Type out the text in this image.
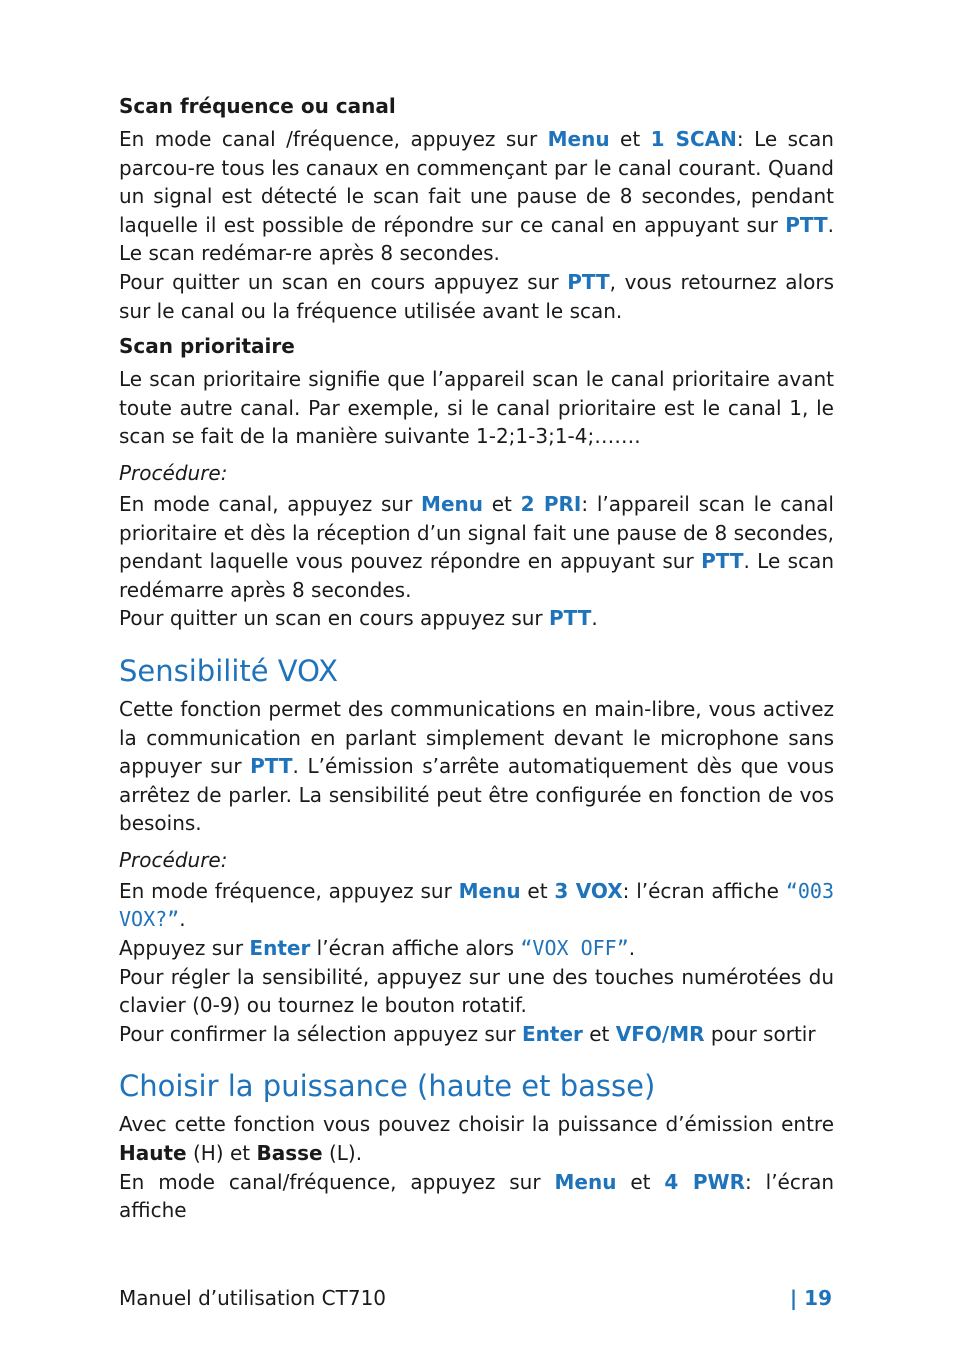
Scan fréquence ou canal

En mode canal /fréquence, appuyez sur Menu et 1 SCAN: Le scan parcou-re tous les canaux en commençant par le canal courant. Quand un signal est détecté le scan fait une pause de 8 secondes, pendant laquelle il est possible de répondre sur ce canal en appuyant sur PTT. Le scan redémar-re après 8 secondes.

Pour quitter un scan en cours appuyez sur PTT, vous retournez alors sur le canal ou la fréquence utilisée avant le scan.

Scan prioritaire

Le scan prioritaire signifie que l’appareil scan le canal prioritaire avant toute autre canal. Par exemple, si le canal prioritaire est le canal 1, le scan se fait de la manière suivante 1-2;1-3;1-4;…….

Procédure:

En mode canal, appuyez sur Menu et 2 PRI: l’appareil scan le canal prioritaire et dès la réception d’un signal fait une pause de 8 secondes, pendant laquelle vous pouvez répondre en appuyant sur PTT. Le scan redémarre après 8 secondes.

Pour quitter un scan en cours appuyez sur PTT.

Sensibilité VOX

Cette fonction permet des communications en main-libre, vous activez la communication en parlant simplement devant le microphone sans appuyer sur PTT. L’émission s’arrête automatiquement dès que vous arrêtez de parler. La sensibilité peut être configurée en fonction de vos besoins.

Procédure:

En mode fréquence, appuyez sur Menu et 3 VOX: l’écran affiche “003 VOX?”.

Appuyez sur Enter l’écran affiche alors “VOX OFF”.

Pour régler la sensibilité, appuyez sur une des touches numérotées du clavier (0-9) ou tournez le bouton rotatif.

Pour confirmer la sélection appuyez sur Enter et VFO/MR pour sortir

Choisir la puissance (haute et basse)

Avec cette fonction vous pouvez choisir la puissance d’émission entre Haute (H) et Basse (L).

En mode canal/fréquence, appuyez sur Menu et 4 PWR: l’écran affiche

Manuel d’utilisation CT710	| 19
